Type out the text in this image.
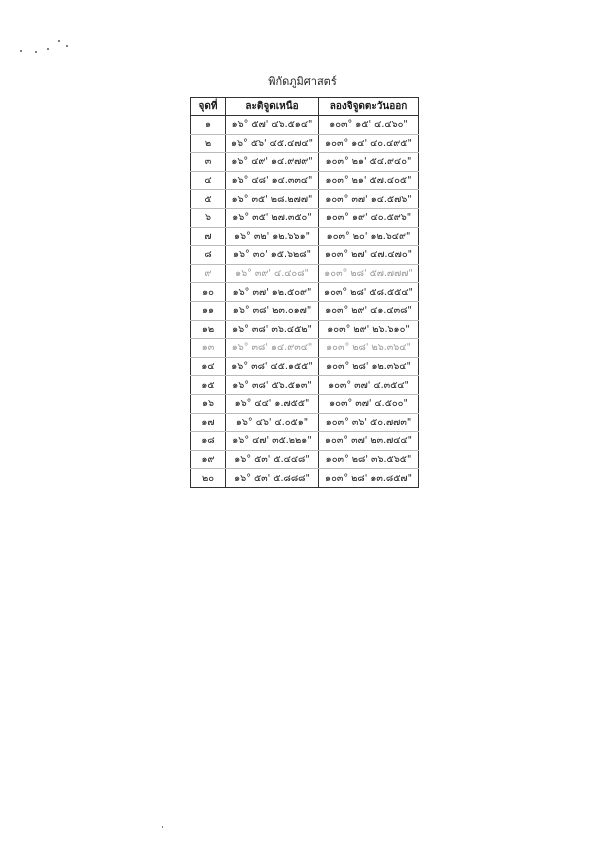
พิกัดภูมิศาสตร์
จุดที่	ละติจูดเหนือ	ลองจิจูดตะวันออก
๑	๑๖° ๕๗' ๔๖.๕๑๔"	๑๐๓° ๑๕' ๔.๔๖๐"
๒	๑๖° ๕๖' ๔๕.๔๗๔"	๑๐๓° ๑๔' ๔๐.๔๙๕"
๓	๑๖° ๔๙' ๑๔.๙๗๙"	๑๐๓° ๒๑' ๕๔.๙๔๐"
๔	๑๖° ๔๘' ๑๔.๓๓๔"	๑๐๓° ๒๑' ๕๗.๔๐๕"
๕	๑๖° ๓๕' ๒๘.๒๗๗"	๑๐๓° ๓๗' ๑๔.๕๗๖"
๖	๑๖° ๓๕' ๒๗.๓๕๐"	๑๐๓° ๑๙' ๔๐.๕๙๖"
๗	๑๖° ๓๒' ๑๒.๖๖๑"	๑๐๓° ๒๐' ๑๒.๖๔๙"
๘	๑๖° ๓๐' ๑๕.๖๒๘"	๑๐๓° ๒๗' ๔๗.๔๗๐"
๙	๑๖° ๓๙' ๔.๔๐๘"	๑๐๓° ๒๘' ๕๗.๗๗๗"
๑๐	๑๖° ๓๗' ๑๒.๕๐๙"	๑๐๓° ๒๘' ๕๘.๕๕๔"
๑๑	๑๖° ๓๘' ๒๓.๐๑๗"	๑๐๓° ๒๙' ๔๑.๔๓๘"
๑๒	๑๖° ๓๘' ๓๖.๔๕๒"	๑๐๓° ๒๙' ๒๖.๖๑๐"
๑๓	๑๖° ๓๘' ๑๔.๙๓๔"	๑๐๓° ๒๘' ๒๖.๓๖๔"
๑๔	๑๖° ๓๘' ๔๕.๑๕๕"	๑๐๓° ๒๘' ๑๒.๓๖๔"
๑๕	๑๖° ๓๘' ๕๖.๕๑๓"	๑๐๓° ๓๗' ๔.๓๕๔"
๑๖	๑๖° ๔๔' ๑.๗๕๕"	๑๐๓° ๓๗' ๔.๕๐๐"
๑๗	๑๖° ๔๖' ๔.๐๕๑"	๑๐๓° ๓๖' ๕๐.๗๗๓"
๑๘	๑๖° ๔๗' ๓๕.๒๒๑"	๑๐๓° ๓๗' ๒๓.๗๔๔"
๑๙	๑๖° ๕๓' ๕.๔๔๘"	๑๐๓° ๒๘' ๓๖.๕๖๕"
๒๐	๑๖° ๕๓' ๕.๘๘๘"	๑๐๓° ๒๘' ๑๓.๘๕๗"
